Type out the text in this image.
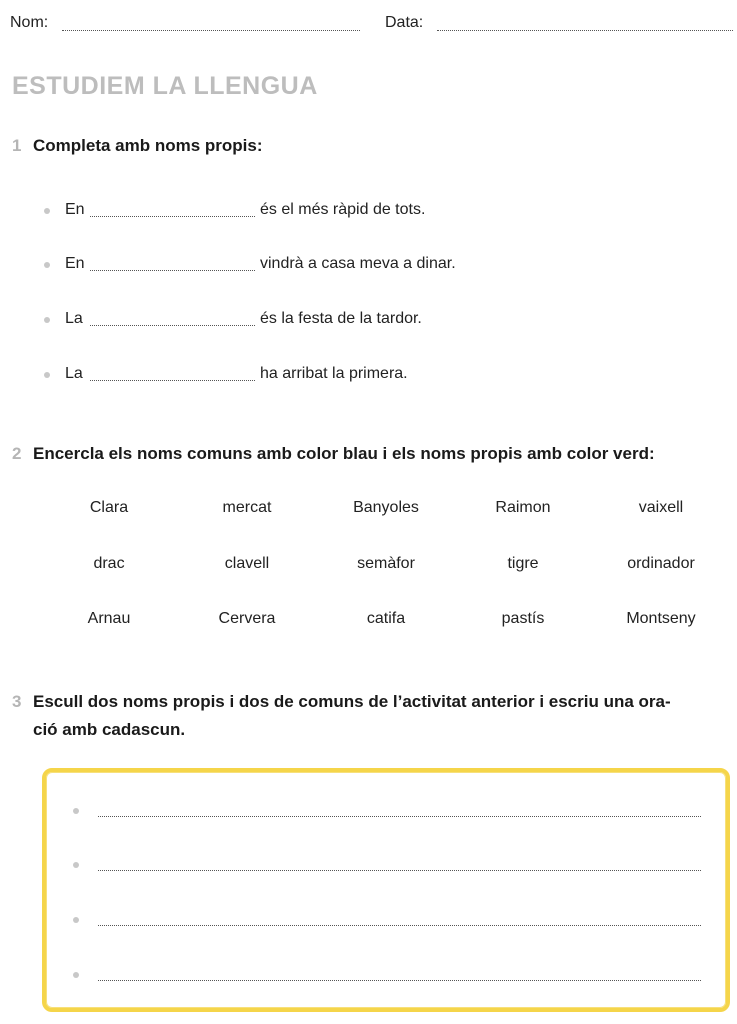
Nom:	Data:
ESTUDIEM LA LLENGUA
1 Completa amb noms propis:
En	és el més ràpid de tots.
En	vindrà a casa meva a dinar.
La	és la festa de la tardor.
La	ha arribat la primera.
2 Encercla els noms comuns amb color blau i els noms propis amb color verd:
Clara	mercat	Banyoles	Raimon	vaixell
drac	clavell	semàfor	tigre	ordinador
Arnau	Cervera	catifa	pastís	Montseny
3 Escull dos noms propis i dos de comuns de l’activitat anterior i escriu una ora-
ció amb cadascun.
